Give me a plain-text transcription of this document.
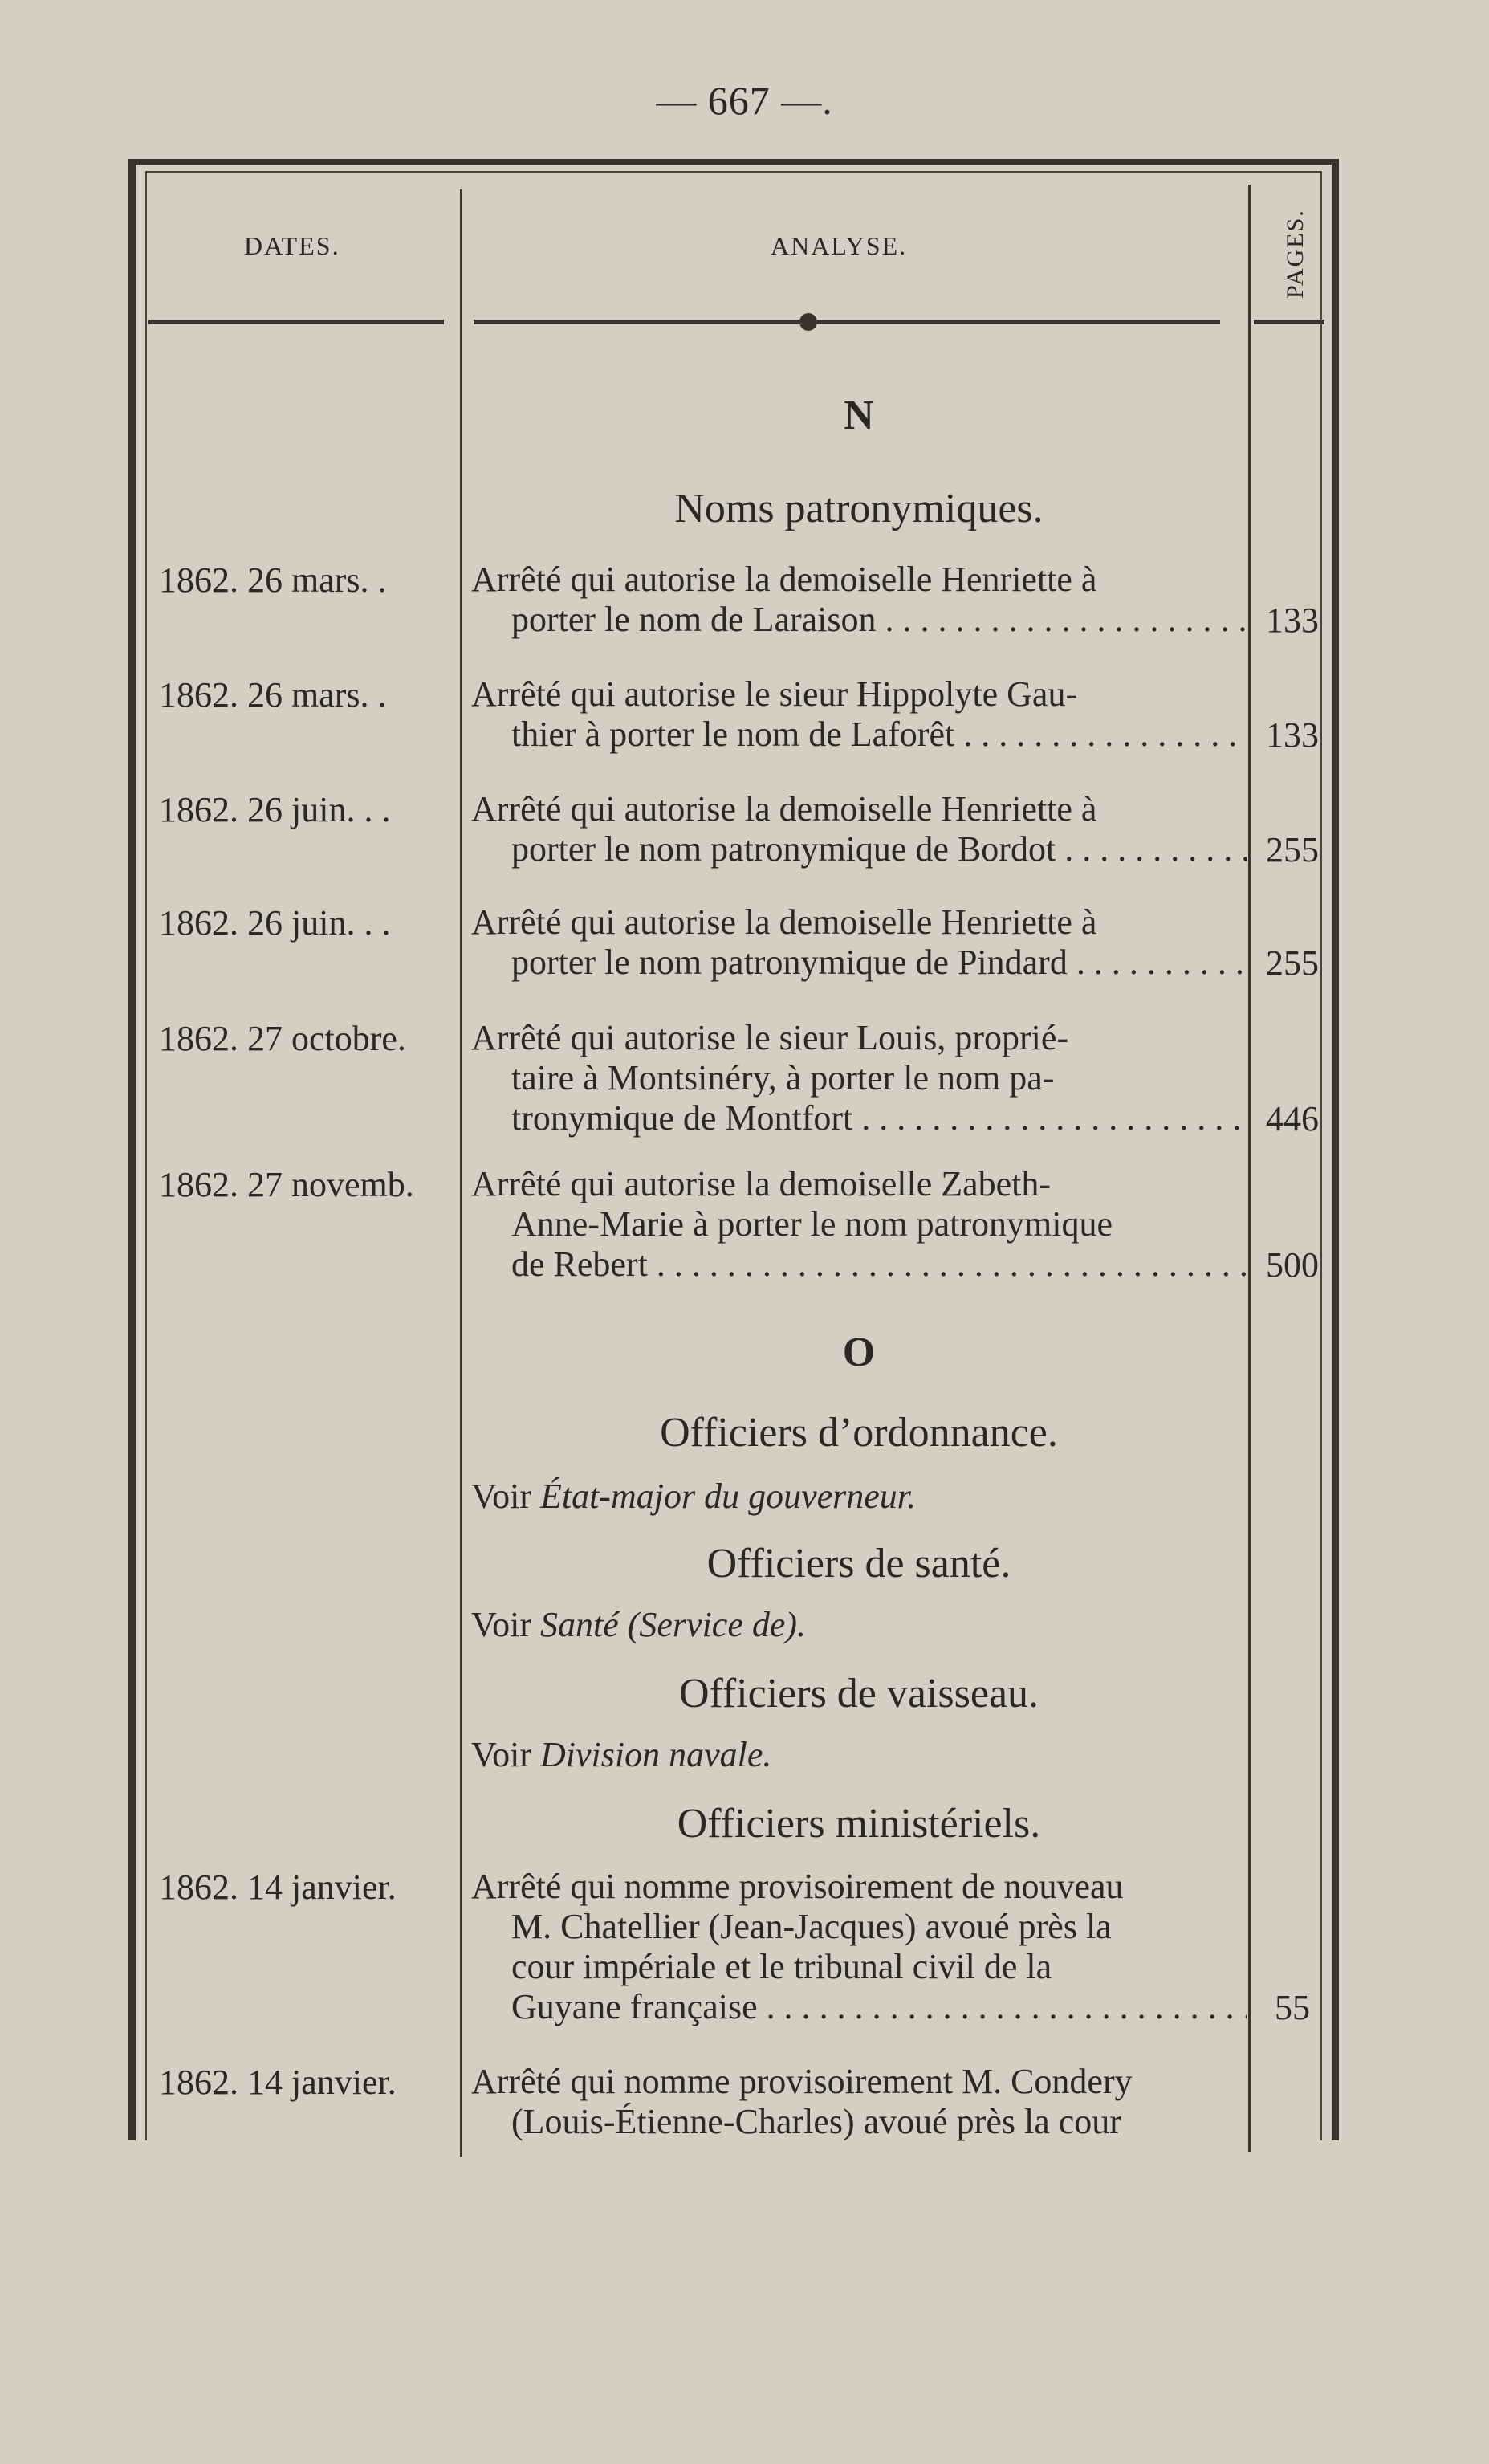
— 667 —.
DATES.	ANALYSE.	PAGES.
N
Noms patronymiques.
1862. 26 mars. .	Arrêté qui autorise la demoiselle Henriette à
porter le nom de Laraison . . .	133
1862. 26 mars. .	Arrêté qui autorise le sieur Hippolyte Gau-
thier à porter le nom de Laforêt . . .	133
1862. 26 juin. . .	Arrêté qui autorise la demoiselle Henriette à
porter le nom patronymique de Bordot . . .	255
1862. 26 juin. . .	Arrêté qui autorise la demoiselle Henriette à
porter le nom patronymique de Pindard . . .	255
1862. 27 octobre.	Arrêté qui autorise le sieur Louis, proprié-
taire à Montsinéry, à porter le nom pa-
tronymique de Montfort . . .	446
1862. 27 novemb.	Arrêté qui autorise la demoiselle Zabeth-
Anne-Marie à porter le nom patronymique
de Rebert . . .	500
O
Officiers d’ordonnance.
Voir État-major du gouverneur.
Officiers de santé.
Voir Santé (Service de).
Officiers de vaisseau.
Voir Division navale.
Officiers ministériels.
1862. 14 janvier.	Arrêté qui nomme provisoirement de nouveau
M. Chatellier (Jean-Jacques) avoué près la
cour impériale et le tribunal civil de la
Guyane française . . .	55
1862. 14 janvier.	Arrêté qui nomme provisoirement M. Condery
(Louis-Étienne-Charles) avoué près la cour
